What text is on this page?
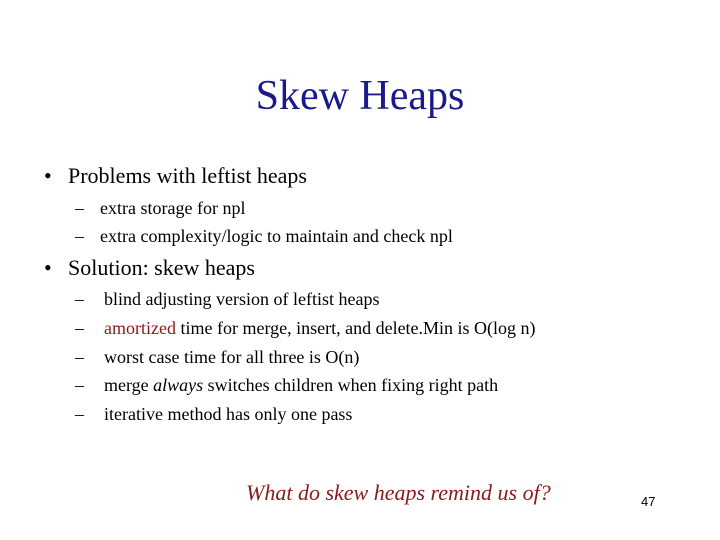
Skew Heaps
• Problems with leftist heaps
– extra storage for npl
– extra complexity/logic to maintain and check npl
• Solution: skew heaps
– blind adjusting version of leftist heaps
– amortized time for merge, insert, and delete.Min is O(log n)
– worst case time for all three is O(n)
– merge always switches children when fixing right path
– iterative method has only one pass
What do skew heaps remind us of?	47
